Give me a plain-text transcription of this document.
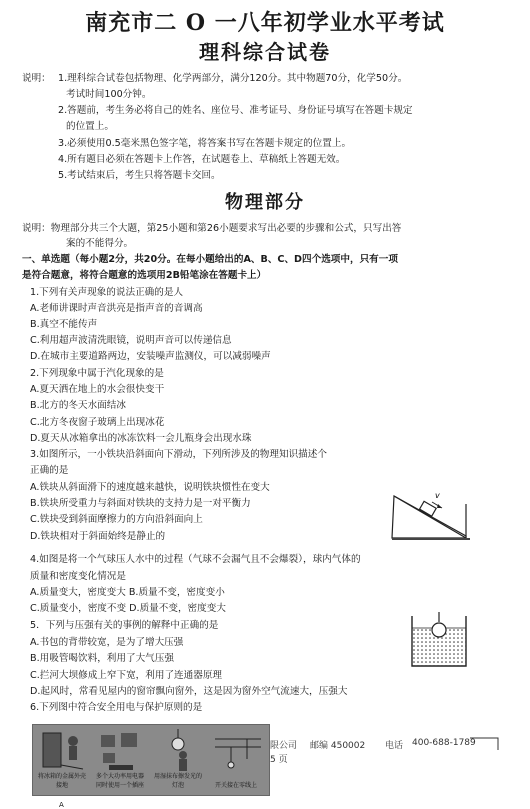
南充市二 O 一八年初学业水平考试
理科综合试卷
说明： 1.理科综合试卷包括物理、化学两部分，满分120分。其中物题70分，化学50分。
考试时间100分钟。
2.答题前，考生务必将自己的姓名、座位号、准考证号、身份证号填写在答题卡规定
的位置上。
3.必须使用0.5毫米黑色签字笔，将答案书写在答题卡规定的位置上。
4.所有题目必须在答题卡上作答，在试题卷上、草稿纸上答题无效。
5.考试结束后，考生只将答题卡交回。
物理部分
说明：物理部分共三个大题，第25小题和第26小题要求写出必要的步骤和公式，只写出答
案的不能得分。
一、单选题（每小题2分，共20分。在每小题给出的A、B、C、D四个选项中，只有一项
是符合题意，将符合题意的选项用2B铅笔涂在答题卡上）
1.下列有关声现象的说法正确的是人
A.老师讲课时声音洪亮是指声音的音调高
B.真空不能传声
C.利用超声波清洗眼镜，说明声音可以传递信息
D.在城市主要道路两边，安装噪声监测仪，可以减弱噪声
2.下列现象中属于汽化现象的是
A.夏天洒在地上的水会很快变干
B.北方的冬天水面结冰
C.北方冬夜窗子玻璃上出现冰花
D.夏天从冰箱拿出的冰冻饮料一会儿瓶身会出现水珠
3.如图所示，一小铁块沿斜面向下滑动，下列所涉及的物理知识描述个
正确的是
A.铁块从斜面滑下的速度越来越快，说明铁块惯性在变大
B.铁块所受重力与斜面对铁块的支持力是一对平衡力
C.铁块受到斜面摩擦力的方向沿斜面向上
D.铁块相对于斜面始终是静止的
v
4.如图是将一个气球压人水中的过程（气球不会漏气且不会爆裂），球内气体的
质量和密度变化情况是
A.质量变大，密度变大 B.质量不变，密度变小
C.质量变小，密度不变 D.质量不变，密度变大
5．下列与压强有关的事例的解释中正确的是
A.书包的背带较宽，是为了增大压强
B.用吸管喝饮料，利用了大气压强
C.拦河大坝修成上窄下宽，利用了连通器原理
D.起风时，常看见屋内的窗帘飘向窗外，这是因为窗外空气流速大，压强大
6.下列图中符合安全用电与保护原则的是
将冰箱的金属外壳接地
A
多个大功率用电器同时使用一个插座
用湿抹布擦发光的灯泡	开关接在零线上
限公司 邮编 450002 电话 400-688-1789
5 页
